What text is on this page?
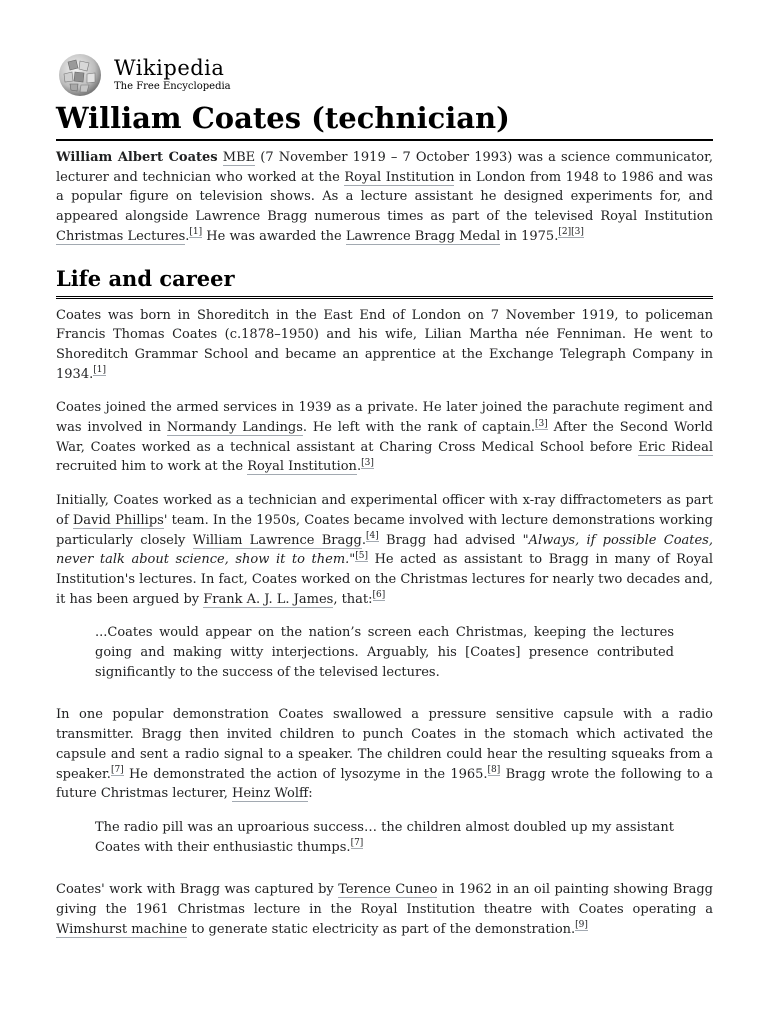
Wikipedia
The Free Encyclopedia
William Coates (technician)

William Albert Coates MBE (7 November 1919 – 7 October 1993) was a science communicator, lecturer and technician who worked at the Royal Institution in London from 1948 to 1986 and was a popular figure on television shows. As a lecture assistant he designed experiments for, and appeared alongside Lawrence Bragg numerous times as part of the televised Royal Institution Christmas Lectures.[1] He was awarded the Lawrence Bragg Medal in 1975.[2][3]

Life and career

Coates was born in Shoreditch in the East End of London on 7 November 1919, to policeman Francis Thomas Coates (c.1878–1950) and his wife, Lilian Martha née Fenniman. He went to Shoreditch Grammar School and became an apprentice at the Exchange Telegraph Company in 1934.[1]

Coates joined the armed services in 1939 as a private. He later joined the parachute regiment and was involved in Normandy Landings. He left with the rank of captain.[3] After the Second World War, Coates worked as a technical assistant at Charing Cross Medical School before Eric Rideal recruited him to work at the Royal Institution.[3]

Initially, Coates worked as a technician and experimental officer with x-ray diffractometers as part of David Phillips' team. In the 1950s, Coates became involved with lecture demonstrations working particularly closely William Lawrence Bragg.[4] Bragg had advised "Always, if possible Coates, never talk about science, show it to them."[5] He acted as assistant to Bragg in many of Royal Institution's lectures. In fact, Coates worked on the Christmas lectures for nearly two decades and, it has been argued by Frank A. J. L. James, that:[6]

...Coates would appear on the nation’s screen each Christmas, keeping the lectures going and making witty interjections. Arguably, his [Coates] presence contributed significantly to the success of the televised lectures.

In one popular demonstration Coates swallowed a pressure sensitive capsule with a radio transmitter. Bragg then invited children to punch Coates in the stomach which activated the capsule and sent a radio signal to a speaker. The children could hear the resulting squeaks from a speaker.[7] He demonstrated the action of lysozyme in the 1965.[8] Bragg wrote the following to a future Christmas lecturer, Heinz Wolff:

The radio pill was an uproarious success… the children almost doubled up my assistant Coates with their enthusiastic thumps.[7]

Coates' work with Bragg was captured by Terence Cuneo in 1962 in an oil painting showing Bragg giving the 1961 Christmas lecture in the Royal Institution theatre with Coates operating a Wimshurst machine to generate static electricity as part of the demonstration.[9]
